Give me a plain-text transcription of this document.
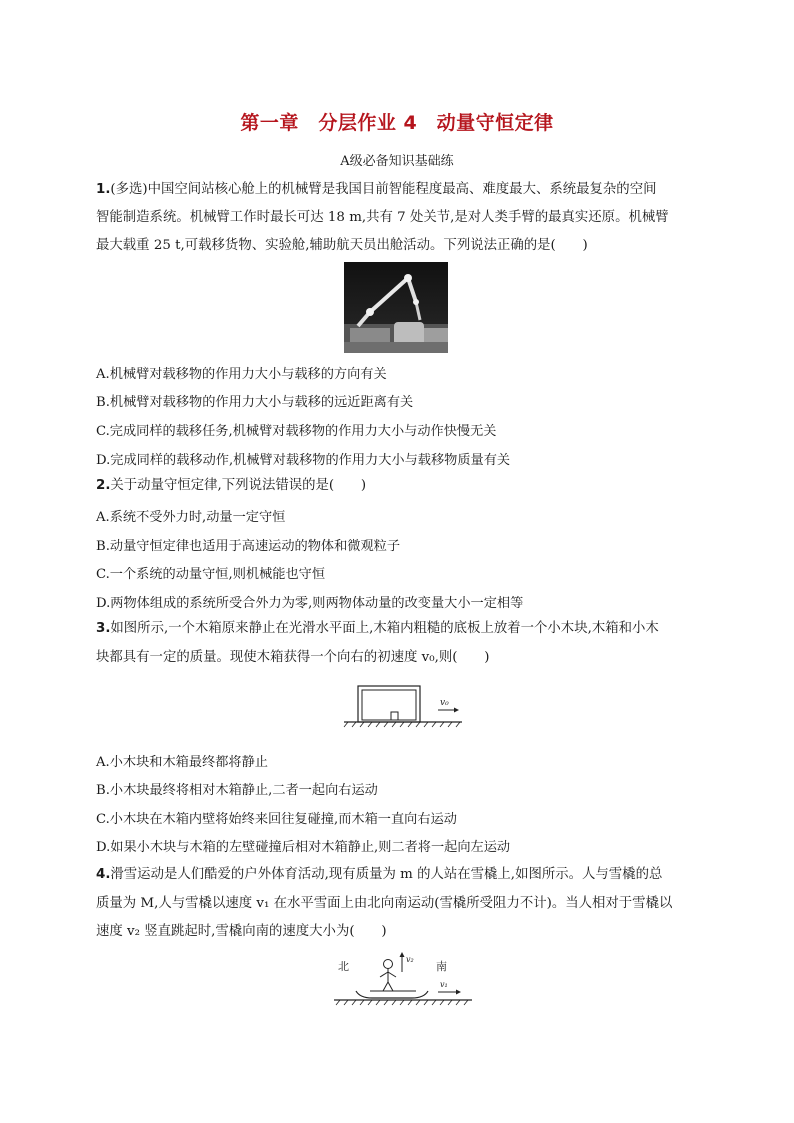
第一章　分层作业 4　动量守恒定律
A级必备知识基础练
1.(多选)中国空间站核心舱上的机械臂是我国目前智能程度最高、难度最大、系统最复杂的空间
智能制造系统。机械臂工作时最长可达 18 m,共有 7 处关节,是对人类手臂的最真实还原。机械臂
最大载重 25 t,可载移货物、实验舱,辅助航天员出舱活动。下列说法正确的是(　　)
A.机械臂对载移物的作用力大小与载移的方向有关
B.机械臂对载移物的作用力大小与载移的远近距离有关
C.完成同样的载移任务,机械臂对载移物的作用力大小与动作快慢无关
D.完成同样的载移动作,机械臂对载移物的作用力大小与载移物质量有关
2.关于动量守恒定律,下列说法错误的是(　　)
A.系统不受外力时,动量一定守恒
B.动量守恒定律也适用于高速运动的物体和微观粒子
C.一个系统的动量守恒,则机械能也守恒
D.两物体组成的系统所受合外力为零,则两物体动量的改变量大小一定相等
3.如图所示,一个木箱原来静止在光滑水平面上,木箱内粗糙的底板上放着一个小木块,木箱和小木
块都具有一定的质量。现使木箱获得一个向右的初速度 v₀,则(　　)
v₀
A.小木块和木箱最终都将静止
B.小木块最终将相对木箱静止,二者一起向右运动
C.小木块在木箱内壁将始终来回往复碰撞,而木箱一直向右运动
D.如果小木块与木箱的左壁碰撞后相对木箱静止,则二者将一起向左运动
4.滑雪运动是人们酷爱的户外体育活动,现有质量为 m 的人站在雪橇上,如图所示。人与雪橇的总
质量为 M,人与雪橇以速度 v₁ 在水平雪面上由北向南运动(雪橇所受阻力不计)。当人相对于雪橇以
速度 v₂ 竖直跳起时,雪橇向南的速度大小为(　　)
北	南
v₂
v₁
